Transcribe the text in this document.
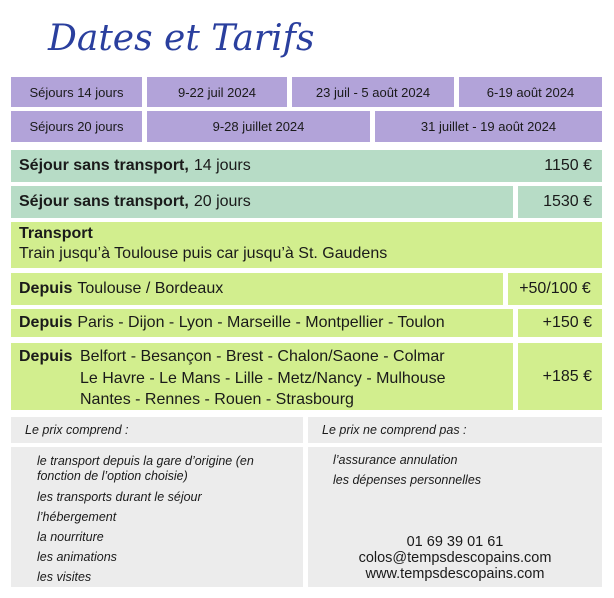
Dates et Tarifs
Séjours 14 jours	9-22 juil 2024	23 juil - 5 août 2024	6-19 août 2024
Séjours 20 jours	9-28 juillet 2024	31 juillet - 19 août 2024
Séjour sans transport, 14 jours	1150 €
Séjour sans transport, 20 jours	1530 €
Transport
Train jusqu’à Toulouse puis car jusqu’à St. Gaudens
Depuis Toulouse / Bordeaux	+50/100 €
Depuis Paris - Dijon - Lyon - Marseille - Montpellier - Toulon	+150 €
Depuis Belfort - Besançon - Brest - Chalon/Saone - Colmar
Le Havre - Le Mans - Lille - Metz/Nancy - Mulhouse
Nantes - Rennes - Rouen - Strasbourg
+185 €
Le prix comprend :	Le prix ne comprend pas :
le transport depuis la gare d’origine (en fonction de l’option choisie)
les transports durant le séjour
l’hébergement
la nourriture
les animations
les visites
l’assurance annulation
les dépenses personnelles
01 69 39 01 61
colos@tempsdescopains.com
www.tempsdescopains.com
